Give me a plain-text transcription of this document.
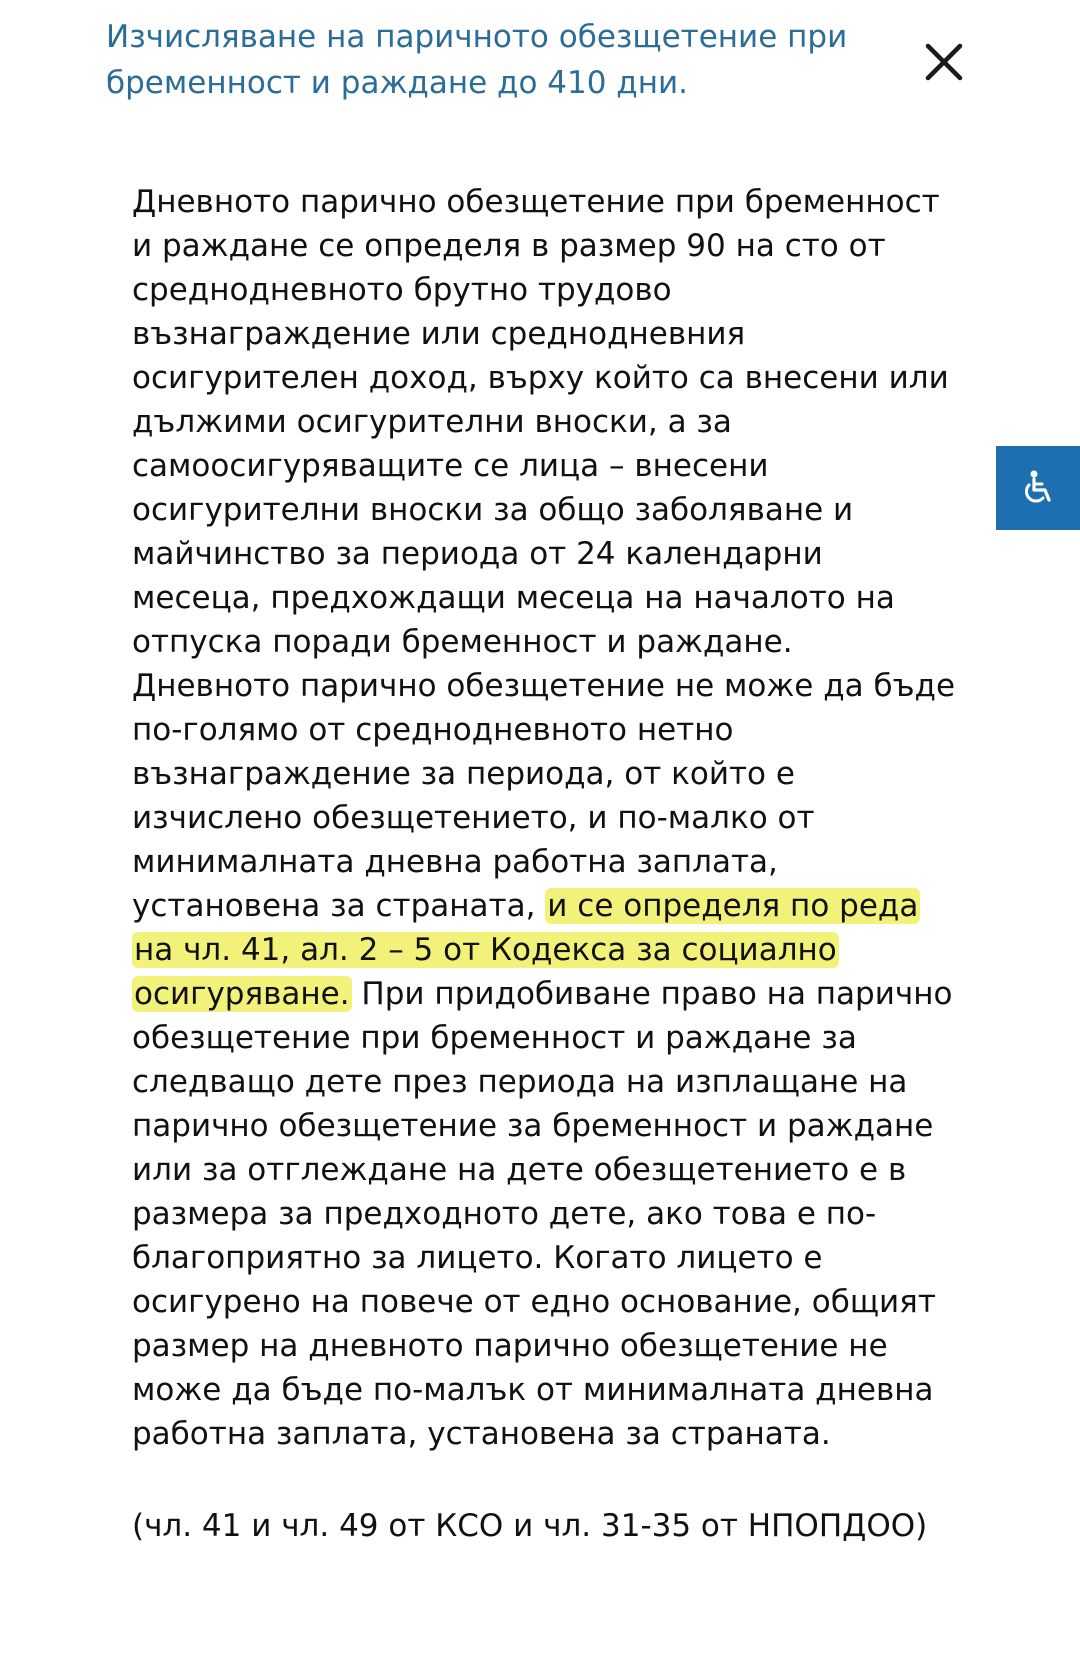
Изчисляване на паричното обезщетение при бременност и раждане до 410 дни.

Дневното парично обезщетение при бременност и раждане се определя в размер 90 на сто от среднодневното брутно трудово възнаграждение или среднодневния осигурителен доход, върху който са внесени или дължими осигурителни вноски, а за самоосигуряващите се лица – внесени осигурителни вноски за общо заболяване и майчинство за периода от 24 календарни месеца, предхождащи месеца на началото на отпуска поради бременност и раждане. Дневното парично обезщетение не може да бъде по-голямо от среднодневното нетно възнаграждение за периода, от който е изчислено обезщетението, и по-малко от минималната дневна работна заплата, установена за страната, и се определя по реда на чл. 41, ал. 2 – 5 от Кодекса за социално осигуряване. При придобиване право на парично обезщетение при бременност и раждане за следващо дете през периода на изплащане на парично обезщетение за бременност и раждане или за отглеждане на дете обезщетението е в размера за предходното дете, ако това е по-благоприятно за лицето. Когато лицето е осигурено на повече от едно основание, общият размер на дневното парично обезщетение не може да бъде по-малък от минималната дневна работна заплата, установена за страната.

(чл. 41 и чл. 49 от КСО и чл. 31-35 от НПОПДОО)
